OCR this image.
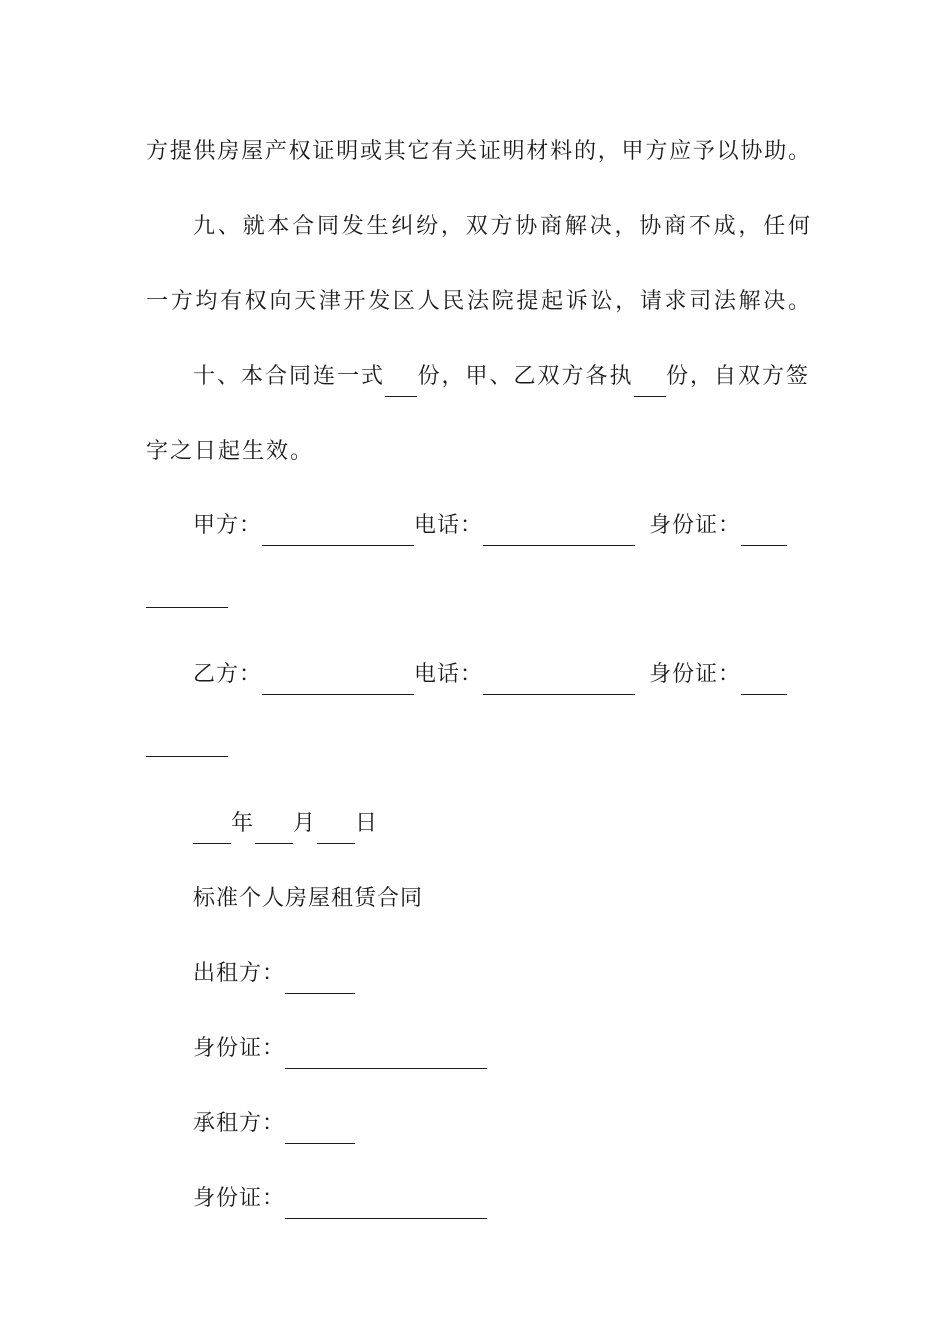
方提供房屋产权证明或其它有关证明材料的，甲方应予以协助。
九、就本合同发生纠纷，双方协商解决，协商不成，任何
一方均有权向天津开发区人民法院提起诉讼，请求司法解决。
十、本合同连一式 份，甲、乙双方各执 份，自双方签
字之日起生效。
甲方：	电话：	身份证：
乙方：	电话：	身份证：
年 月 日
标准个人房屋租赁合同
出租方：
身份证：
承租方：
身份证：
